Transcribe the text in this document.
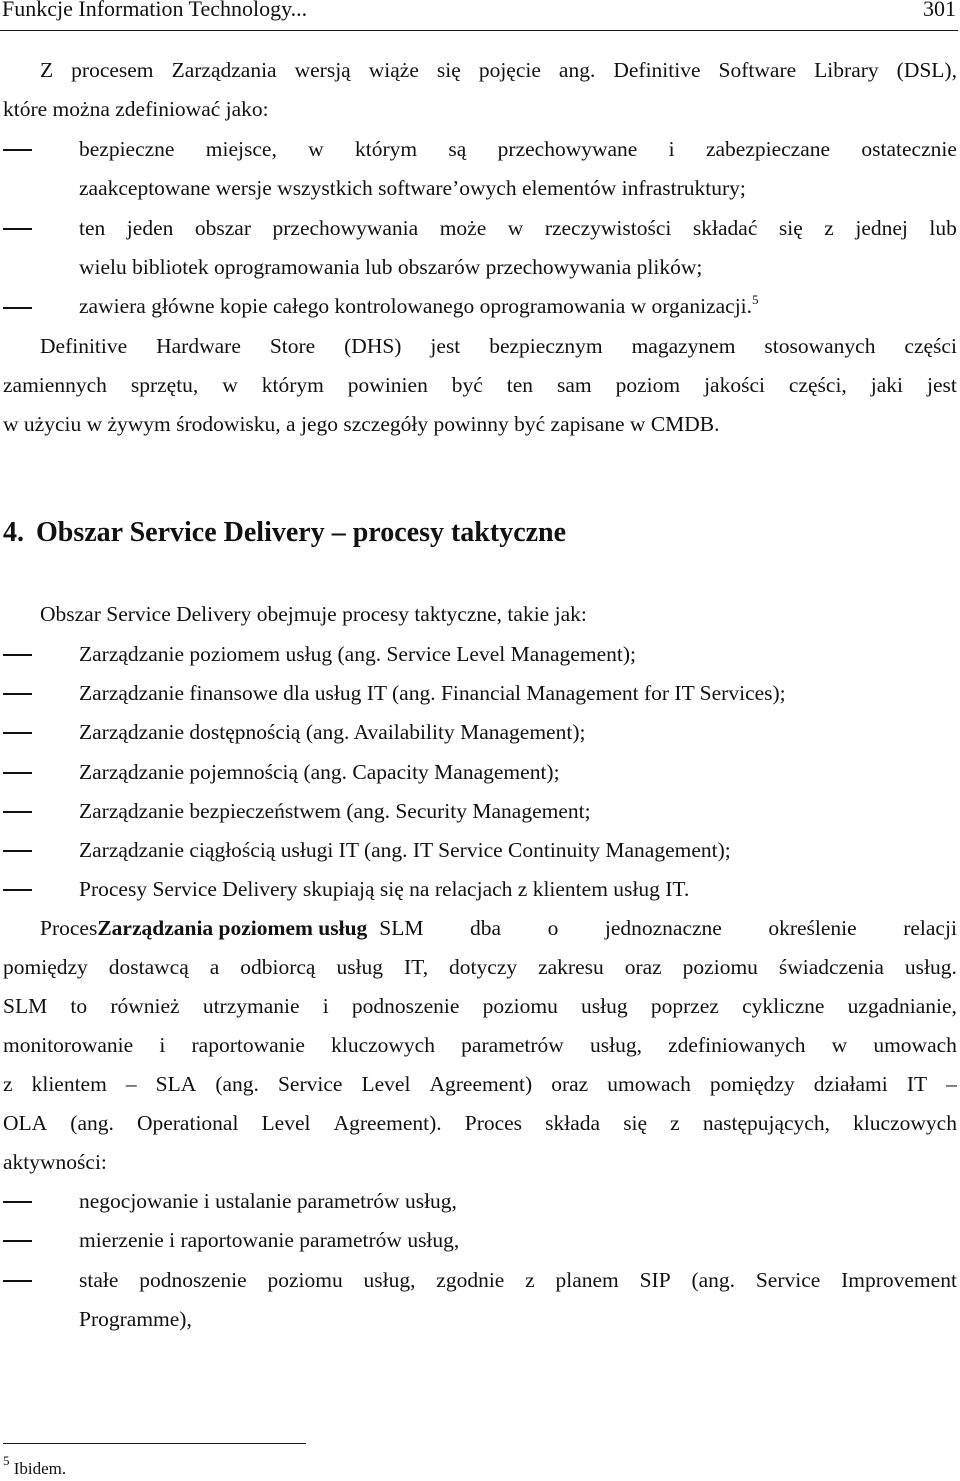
Funkcje Information Technology...	301
Z procesem Zarządzania wersją wiąże się pojęcie ang. Definitive Software Library (DSL),
które można zdefiniować jako:
bezpieczne miejsce, w którym są przechowywane i zabezpieczane ostatecznie
zaakceptowane wersje wszystkich software’owych elementów infrastruktury;
ten jeden obszar przechowywania może w rzeczywistości składać się z jednej lub
wielu bibliotek oprogramowania lub obszarów przechowywania plików;
zawiera główne kopie całego kontrolowanego oprogramowania w organizacji.$^5$
Definitive Hardware Store (DHS) jest bezpiecznym magazynem stosowanych części
zamiennych sprzętu, w którym powinien być ten sam poziom jakości części, jaki jest
w użyciu w żywym środowisku, a jego szczegóły powinny być zapisane w CMDB.
4. Obszar Service Delivery – procesy taktyczne
Obszar Service Delivery obejmuje procesy taktyczne, takie jak:
Zarządzanie poziomem usług (ang. Service Level Management);
Zarządzanie finansowe dla usług IT (ang. Financial Management for IT Services);
Zarządzanie dostępnością (ang. Availability Management);
Zarządzanie pojemnością (ang. Capacity Management);
Zarządzanie bezpieczeństwem (ang. Security Management;
Zarządzanie ciągłością usługi IT (ang. IT Service Continuity Management);
Procesy Service Delivery skupiają się na relacjach z klientem usług IT.
Proces Zarządzania poziomem usług SLM dba o jednoznaczne określenie relacji
pomiędzy dostawcą a odbiorcą usług IT, dotyczy zakresu oraz poziomu świadczenia usług.
SLM to również utrzymanie i podnoszenie poziomu usług poprzez cykliczne uzgadnianie,
monitorowanie i raportowanie kluczowych parametrów usług, zdefiniowanych w umowach
z klientem – SLA (ang. Service Level Agreement) oraz umowach pomiędzy działami IT –
OLA (ang. Operational Level Agreement). Proces składa się z następujących, kluczowych
aktywności:
negocjowanie i ustalanie parametrów usług,
mierzenie i raportowanie parametrów usług,
stałe podnoszenie poziomu usług, zgodnie z planem SIP (ang. Service Improvement
Programme),
$^5$ Ibidem.
